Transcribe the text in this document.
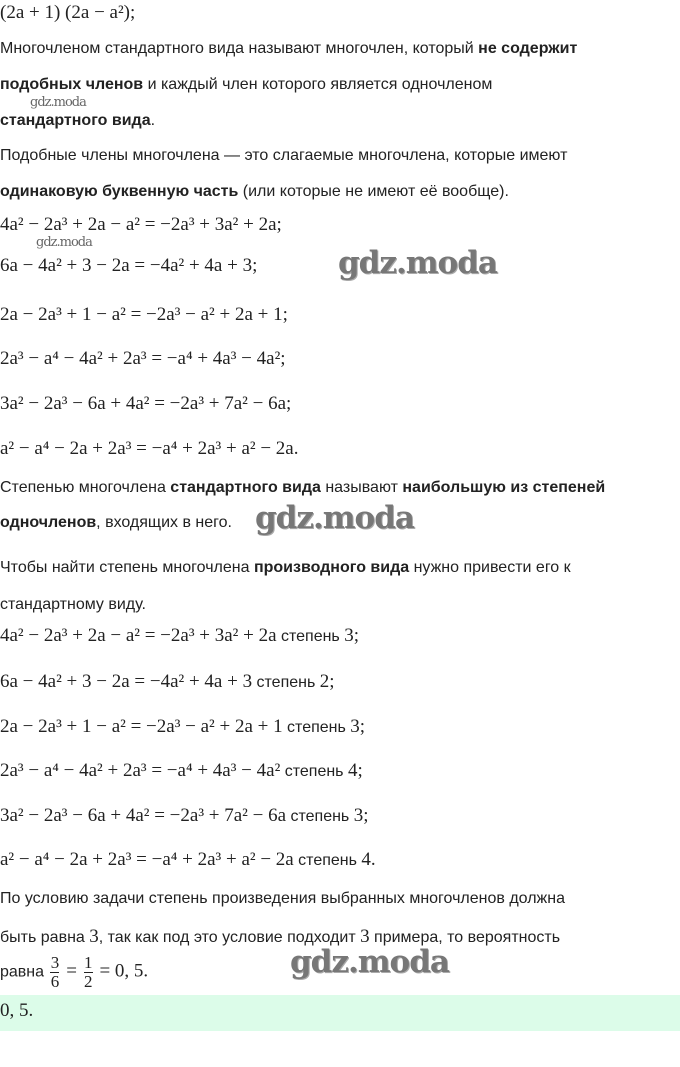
(2a + 1) (2a − a²);
Многочленом стандартного вида называют многочлен, который не содержит
подобных членов и каждый член которого является одночленом
стандартного вида.
Подобные члены многочлена — это слагаемые многочлена, которые имеют
одинаковую буквенную часть (или которые не имеют её вообще).
4a² − 2a³ + 2a − a² = −2a³ + 3a² + 2a;
6a − 4a² + 3 − 2a = −4a² + 4a + 3;
2a − 2a³ + 1 − a² = −2a³ − a² + 2a + 1;
2a³ − a⁴ − 4a² + 2a³ = −a⁴ + 4a³ − 4a²;
3a² − 2a³ − 6a + 4a² = −2a³ + 7a² − 6a;
a² − a⁴ − 2a + 2a³ = −a⁴ + 2a³ + a² − 2a.
Степенью многочлена стандартного вида называют наибольшую из степеней
одночленов, входящих в него.
Чтобы найти степень многочлена производного вида нужно привести его к
стандартному виду.
4a² − 2a³ + 2a − a² = −2a³ + 3a² + 2a степень 3;
6a − 4a² + 3 − 2a = −4a² + 4a + 3 степень 2;
2a − 2a³ + 1 − a² = −2a³ − a² + 2a + 1 степень 3;
2a³ − a⁴ − 4a² + 2a³ = −a⁴ + 4a³ − 4a² степень 4;
3a² − 2a³ − 6a + 4a² = −2a³ + 7a² − 6a степень 3;
a² − a⁴ − 2a + 2a³ = −a⁴ + 2a³ + a² − 2a степень 4.
По условию задачи степень произведения выбранных многочленов должна
быть равна 3, так как под это условие подходит 3 примера, то вероятность
равна $\frac{3}{6} = \frac{1}{2} = 0$, 5.
0, 5.
gdz.moda
gdz.moda
gdz.moda
gdz.moda
gdz.moda
